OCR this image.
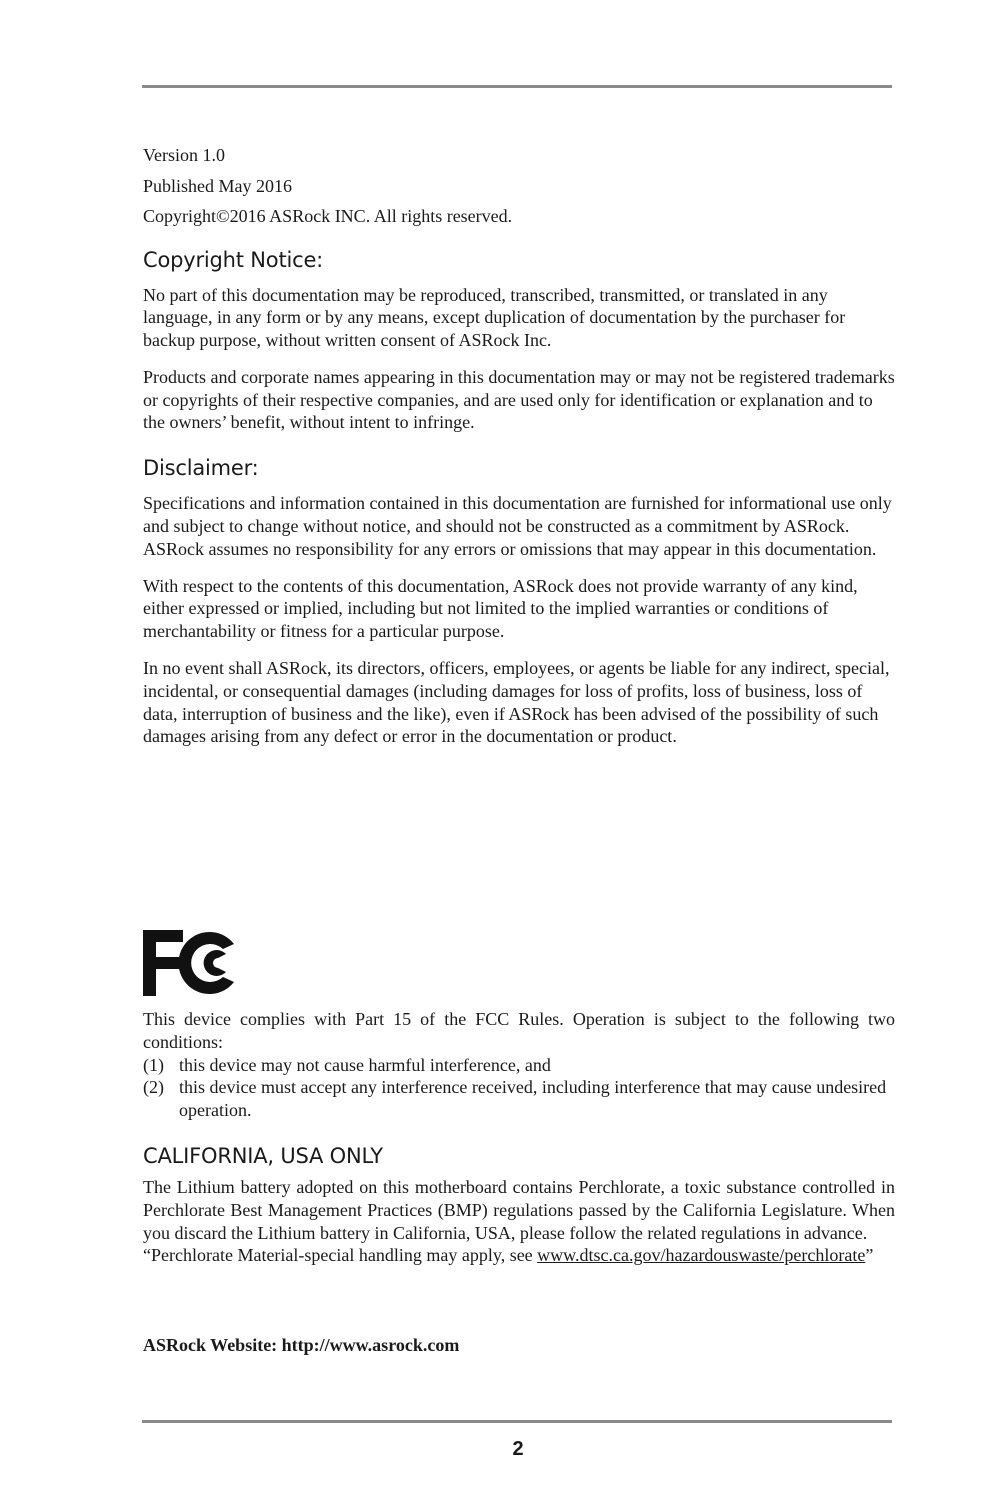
Version 1.0

Published May 2016

Copyright©2016 ASRock INC. All rights reserved.

Copyright Notice:

No part of this documentation may be reproduced, transcribed, transmitted, or translated in any language, in any form or by any means, except duplication of documentation by the purchaser for backup purpose, without written consent of ASRock Inc.

Products and corporate names appearing in this documentation may or may not be registered trademarks or copyrights of their respective companies, and are used only for identification or explanation and to the owners’ benefit, without intent to infringe.

Disclaimer:

Specifications and information contained in this documentation are furnished for informational use only and subject to change without notice, and should not be constructed as a commitment by ASRock. ASRock assumes no responsibility for any errors or omissions that may appear in this documentation.

With respect to the contents of this documentation, ASRock does not provide warranty of any kind, either expressed or implied, including but not limited to the implied warranties or conditions of merchantability or fitness for a particular purpose.

In no event shall ASRock, its directors, officers, employees, or agents be liable for any indirect, special, incidental, or consequential damages (including damages for loss of profits, loss of business, loss of data, interruption of business and the like), even if ASRock has been advised of the possibility of such damages arising from any defect or error in the documentation or product.

This device complies with Part 15 of the FCC Rules. Operation is subject to the following two conditions:

(1) this device may not cause harmful interference, and
(2) this device must accept any interference received, including interference that may cause undesired operation.
CALIFORNIA, USA ONLY

The Lithium battery adopted on this motherboard contains Perchlorate, a toxic substance controlled in Perchlorate Best Management Practices (BMP) regulations passed by the California Legislature. When you discard the Lithium battery in California, USA, please follow the related regulations in advance.

“Perchlorate Material-special handling may apply, see www.dtsc.ca.gov/hazardouswaste/perchlorate”

ASRock Website: http://www.asrock.com
2
